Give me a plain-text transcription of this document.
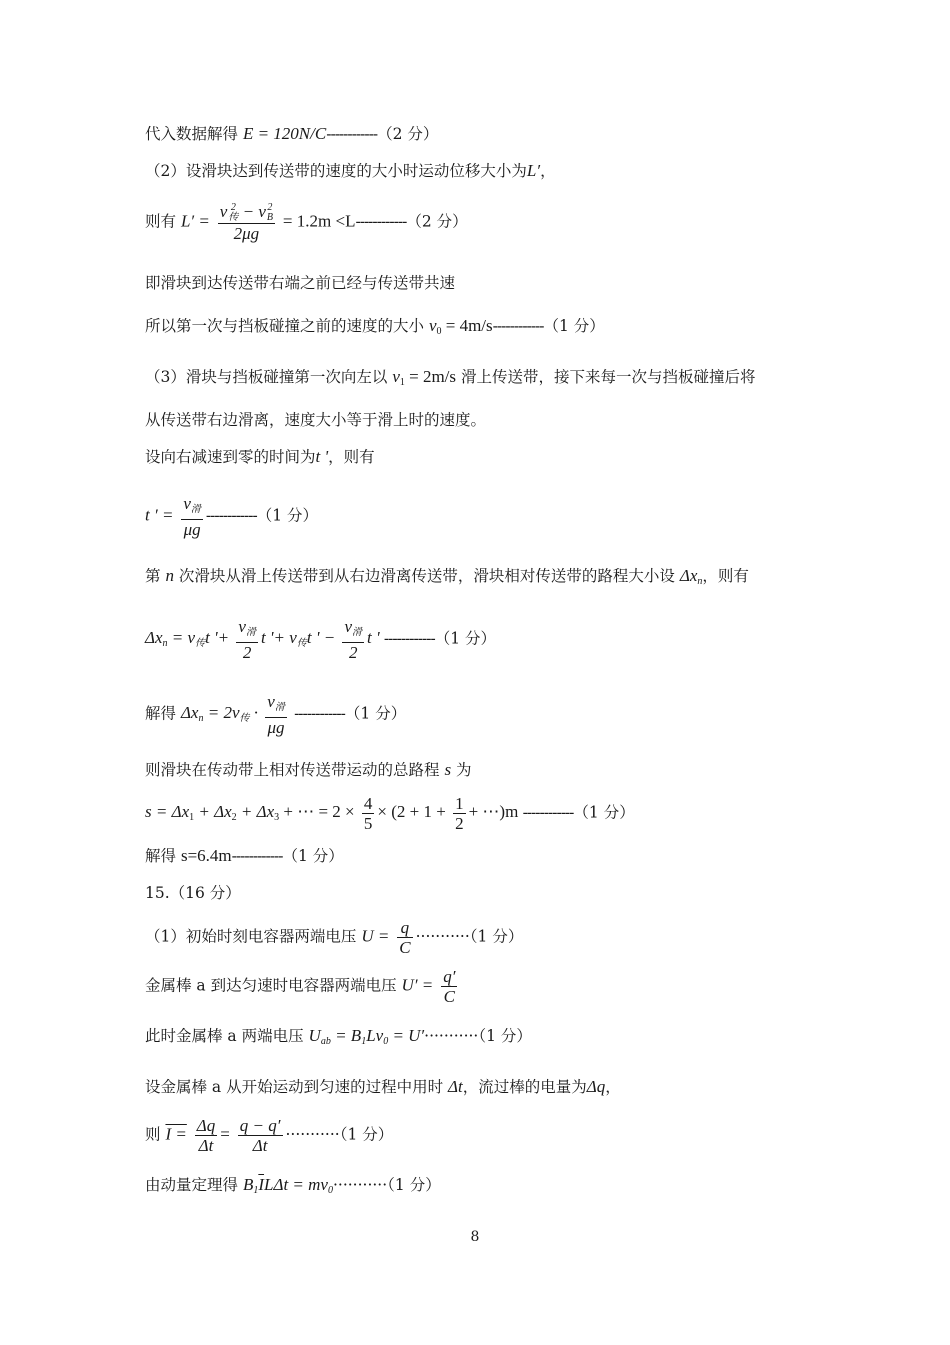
代入数据解得 E = 120N/C------------（2 分）
（2）设滑块达到传送带的速度的大小时运动位移大小为L′，
则有 L′ = v 2
传 − v 2
B
2μg = 1.2m <L------------（2 分）
即滑块到达传送带右端之前已经与传送带共速
所以第一次与挡板碰撞之前的速度的大小 $v_0 = 4m/s------------(1$ 分）
（3）滑块与挡板碰撞第一次向左以 $v_1 = 2m/s$ 滑上传送带，接下来每一次与挡板碰撞后将
从传送带右边滑离，速度大小等于滑上时的速度。
设向右减速到零的时间为t '，则有
t ′ = $\frac{v_滑}{\mu g} ------------(1$ 分）
第 n 次滑块从滑上传送带到从右边滑离传送带，滑块相对传送带的路程大小设 $\Delta x_n$，则有
$\Delta x_n = v_传t$ '+ $\frac{v_滑}{2}$ t '+ $v_传t$ ' − $\frac{v_滑}{2}$ t ' ------------（1 分）
解得 $\Delta x_n = 2v_传 \cdot \frac{v_滑}{\mu g} ------------(1$ 分）
则滑块在传动带上相对传送带运动的总路程 s 为
$s = \Delta x_1 + \Delta x_2 + \Delta x_3$ + ⋯ = $2 \times \frac{4}{5} \times (2 + 1 + \frac{1}{2}$ + ⋯)m ------------（1 分）
解得 s=6.4m------------（1 分）
15.（16 分）
（1）初始时刻电容器两端电压 $U = \frac{q}{C} \cdot\cdot\cdot\cdot\cdot\cdot\cdot\cdot\cdot\cdot\cdot(1$ 分）
金属棒 a 到达匀速时电容器两端电压 $U' = \frac{q'}{C}$
此时金属棒 a 两端电压 $U_{ab} = B_1Lv_0 = U'\cdot\cdot\cdot\cdot\cdot\cdot\cdot\cdot\cdot\cdot\cdot(1$ 分）
设金属棒 a 从开始运动到匀速的过程中用时 Δt，流过棒的电量为Δq，
则 $I = \frac{\Delta q}{\Delta t} = \frac{q - q'}{\Delta t} \cdot\cdot\cdot\cdot\cdot\cdot\cdot\cdot\cdot\cdot\cdot(1$ 分）
由动量定理得 $B_1\overline{I}L\Delta t = mv_0\cdot\cdot\cdot\cdot\cdot\cdot\cdot\cdot\cdot\cdot\cdot(1$ 分）
8
